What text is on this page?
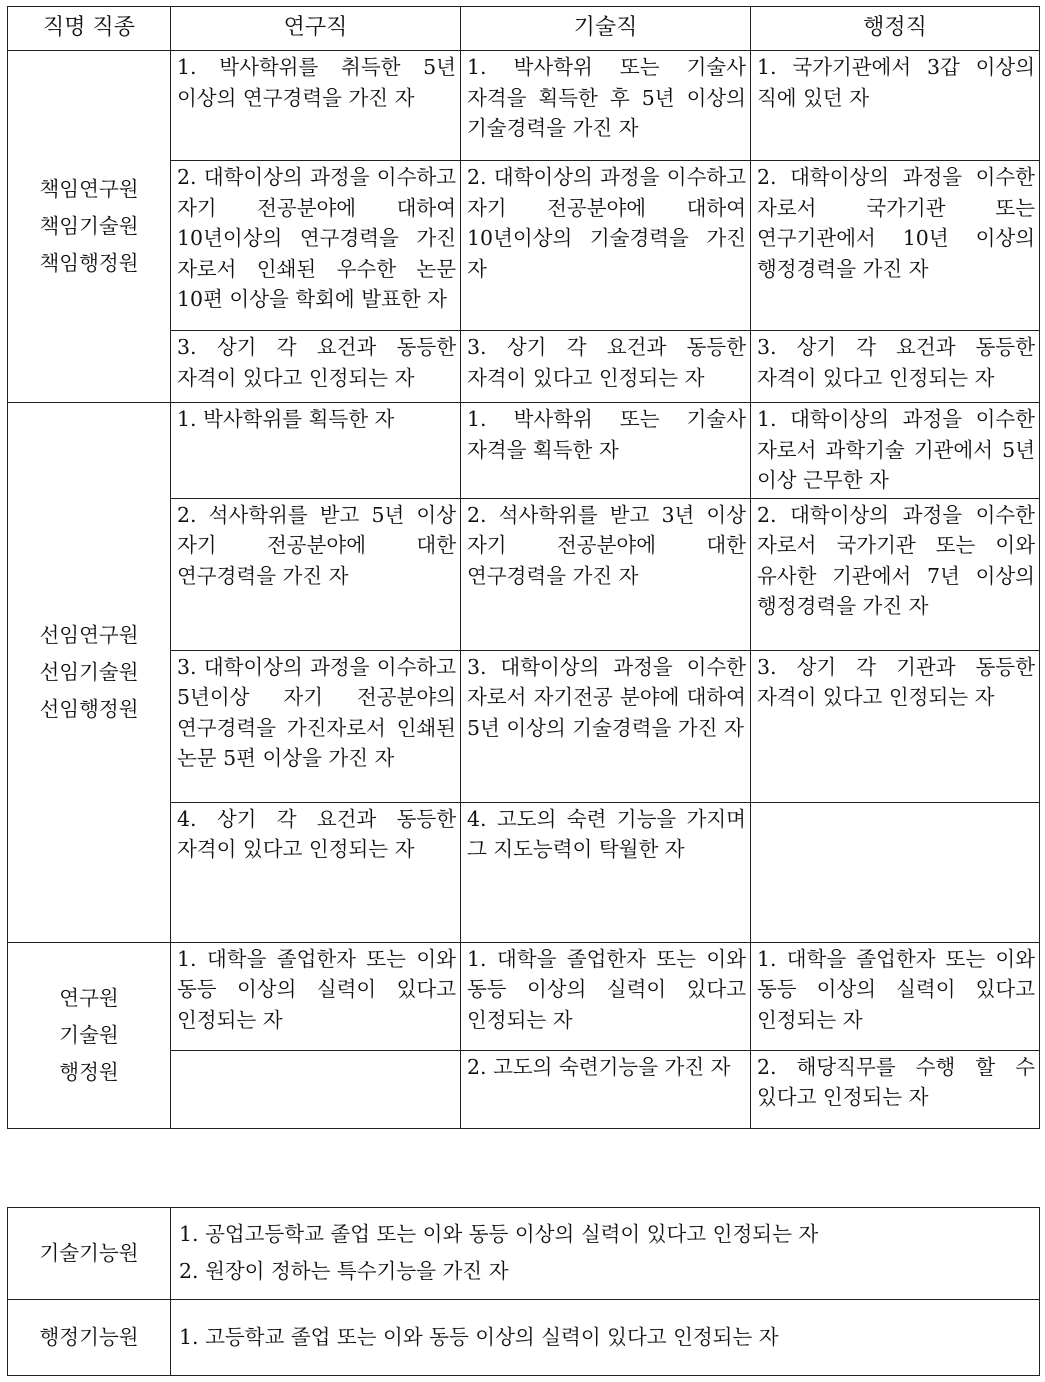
직명 직종	연구직	기술직	행정직

책임연구원
책임기술원
책임행정원	1. 박사학위를 취득한 5년 이상의 연구경력을 가진 자	1. 박사학위 또는 기술사 자격을 획득한 후 5년 이상의 기술경력을 가진 자	1. 국가기관에서 3갑 이상의 직에 있던 자
	2. 대학이상의 과정을 이수하고 자기 전공분야에 대하여 10년이상의 연구경력을 가진 자로서 인쇄된 우수한 논문 10편 이상을 학회에 발표한 자	2. 대학이상의 과정을 이수하고 자기 전공분야에 대하여 10년이상의 기술경력을 가진 자	2. 대학이상의 과정을 이수한 자로서 국가기관 또는 연구기관에서 10년 이상의 행정경력을 가진 자
	3. 상기 각 요건과 동등한 자격이 있다고 인정되는 자	3. 상기 각 요건과 동등한 자격이 있다고 인정되는 자	3. 상기 각 요건과 동등한 자격이 있다고 인정되는 자

선임연구원
선임기술원
선임행정원	1. 박사학위를 획득한 자	1. 박사학위 또는 기술사 자격을 획득한 자	1. 대학이상의 과정을 이수한 자로서 과학기술 기관에서 5년 이상 근무한 자
	2. 석사학위를 받고 5년 이상 자기 전공분야에 대한 연구경력을 가진 자	2. 석사학위를 받고 3년 이상 자기 전공분야에 대한 연구경력을 가진 자	2. 대학이상의 과정을 이수한 자로서 국가기관 또는 이와 유사한 기관에서 7년 이상의 행정경력을 가진 자
	3. 대학이상의 과정을 이수하고 5년이상 자기 전공분야의 연구경력을 가진자로서 인쇄된 논문 5편 이상을 가진 자	3. 대학이상의 과정을 이수한 자로서 자기전공 분야에 대하여 5년 이상의 기술경력을 가진 자	3. 상기 각 기관과 동등한 자격이 있다고 인정되는 자
	4. 상기 각 요건과 동등한 자격이 있다고 인정되는 자	4. 고도의 숙련 기능을 가지며 그 지도능력이 탁월한 자	

연구원
기술원
행정원	1. 대학을 졸업한자 또는 이와 동등 이상의 실력이 있다고 인정되는 자	1. 대학을 졸업한자 또는 이와 동등 이상의 실력이 있다고 인정되는 자	1. 대학을 졸업한자 또는 이와 동등 이상의 실력이 있다고 인정되는 자
		2. 고도의 숙련기능을 가진 자	2. 해당직무를 수행 할 수 있다고 인정되는 자
기술기능원	1. 공업고등학교 졸업 또는 이와 동등 이상의 실력이 있다고 인정되는 자
2. 원장이 정하는 특수기능을 가진 자

행정기능원	1. 고등학교 졸업 또는 이와 동등 이상의 실력이 있다고 인정되는 자
